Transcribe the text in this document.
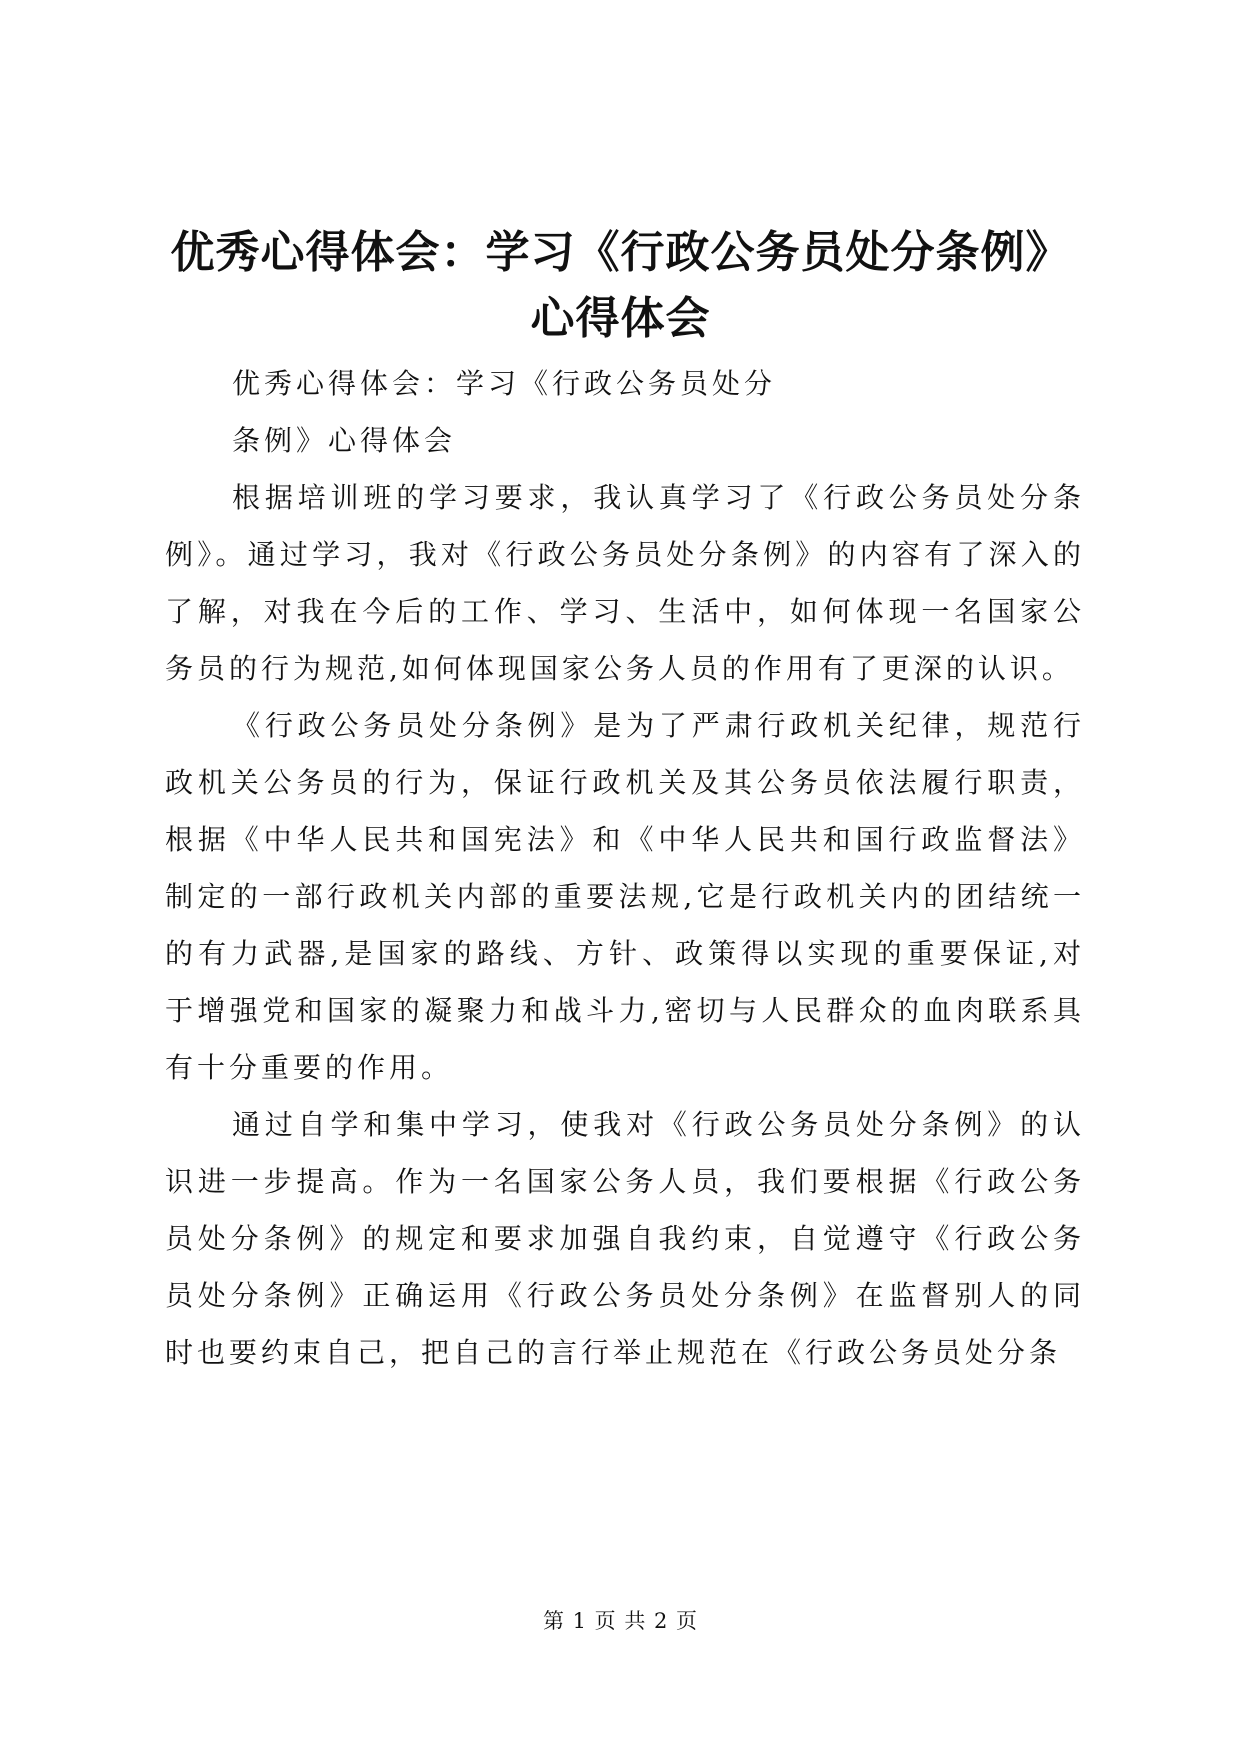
优秀心得体会：学习《行政公务员处分条例》
心得体会

优秀心得体会：学习《行政公务员处分

条例》心得体会

根据培训班的学习要求，我认真学习了《行政公务员处分条例》。通过学习，我对《行政公务员处分条例》的内容有了深入的了解，对我在今后的工作、学习、生活中，如何体现一名国家公务员的行为规范,如何体现国家公务人员的作用有了更深的认识。

《行政公务员处分条例》是为了严肃行政机关纪律，规范行政机关公务员的行为，保证行政机关及其公务员依法履行职责，根据《中华人民共和国宪法》和《中华人民共和国行政监督法》制定的一部行政机关内部的重要法规,它是行政机关内的团结统一的有力武器,是国家的路线、方针、政策得以实现的重要保证,对于增强党和国家的凝聚力和战斗力,密切与人民群众的血肉联系具有十分重要的作用。

通过自学和集中学习，使我对《行政公务员处分条例》的认识进一步提高。作为一名国家公务人员，我们要根据《行政公务员处分条例》的规定和要求加强自我约束，自觉遵守《行政公务员处分条例》正确运用《行政公务员处分条例》在监督别人的同时也要约束自己，把自己的言行举止规范在《行政公务员处分条

第 1 页 共 2 页
